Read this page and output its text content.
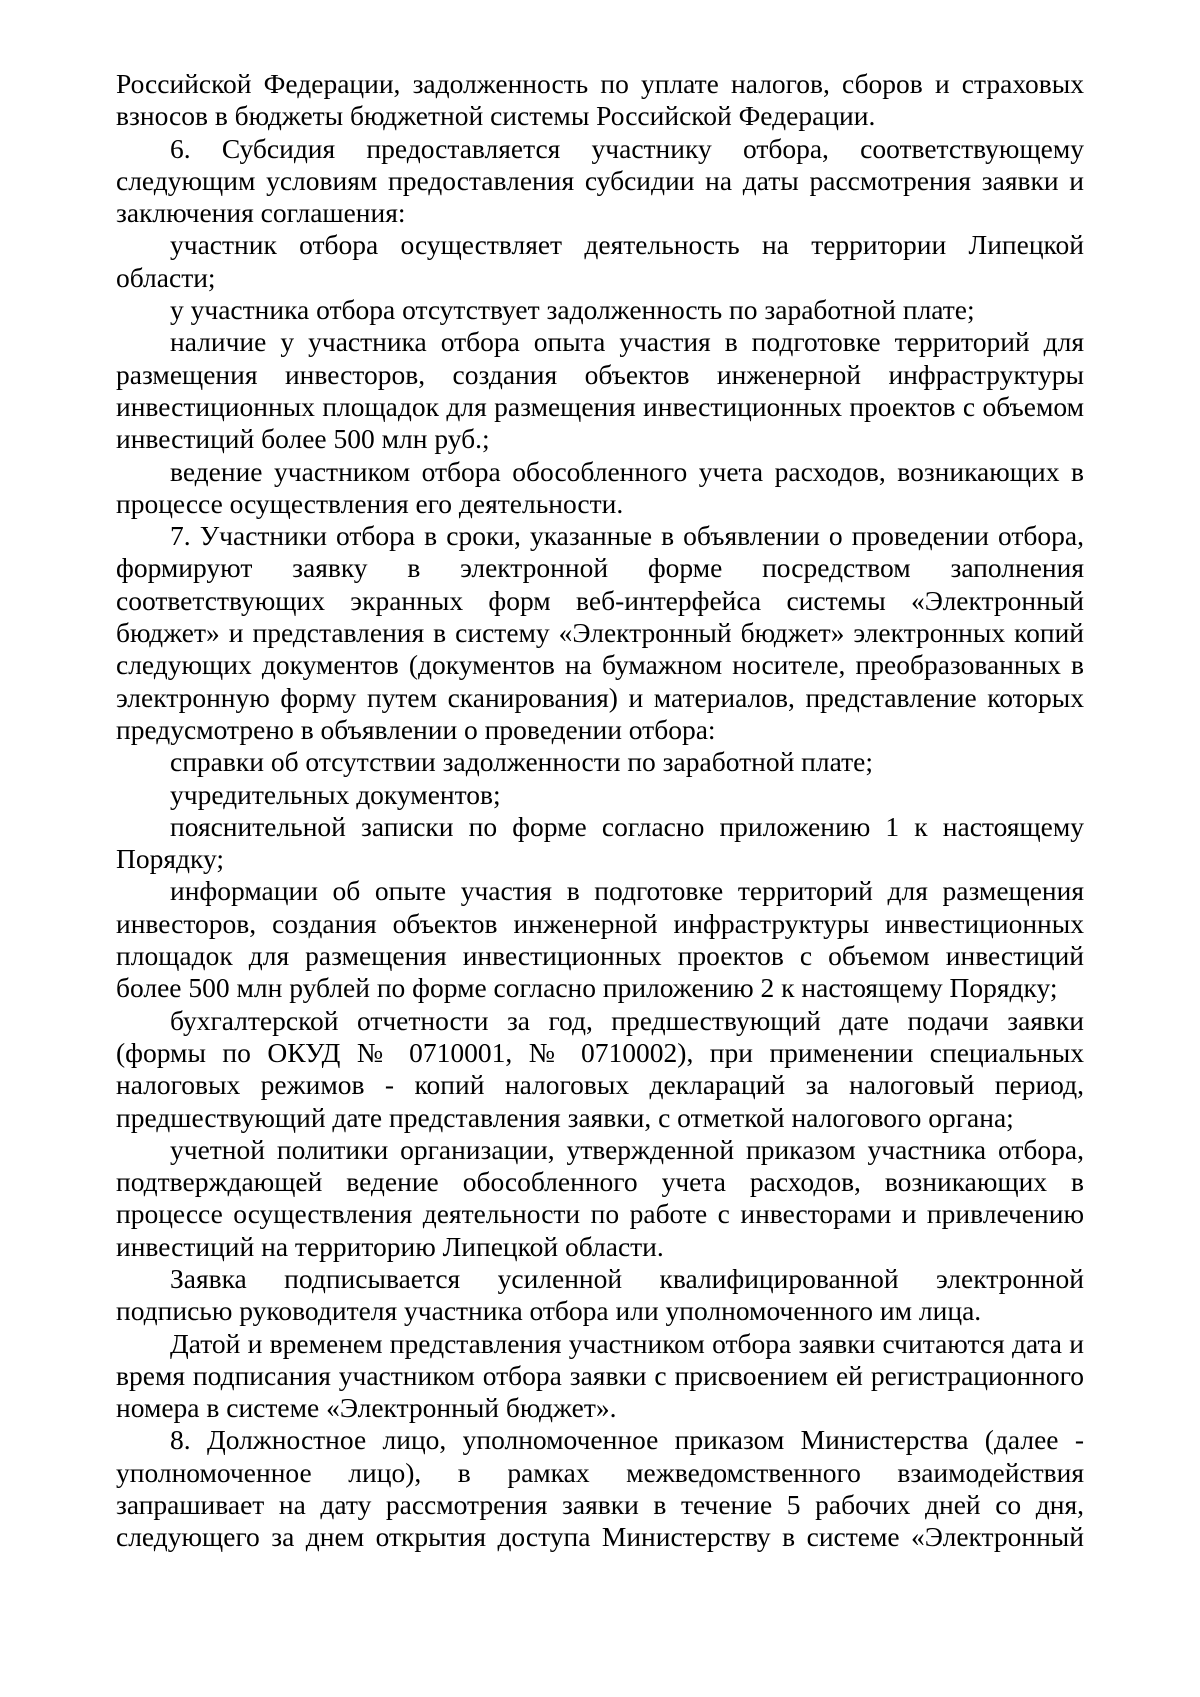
Российской Федерации, задолженность по уплате налогов, сборов и страховых взносов в бюджеты бюджетной системы Российской Федерации.

6. Субсидия предоставляется участнику отбора, соответствующему следующим условиям предоставления субсидии на даты рассмотрения заявки и заключения соглашения:

участник отбора осуществляет деятельность на территории Липецкой области;

у участника отбора отсутствует задолженность по заработной плате;

наличие у участника отбора опыта участия в подготовке территорий для размещения инвесторов, создания объектов инженерной инфраструктуры инвестиционных площадок для размещения инвестиционных проектов с объемом инвестиций более 500 млн руб.;

ведение участником отбора обособленного учета расходов, возникающих в процессе осуществления его деятельности.

7. Участники отбора в сроки, указанные в объявлении о проведении отбора, формируют заявку в электронной форме посредством заполнения соответствующих экранных форм веб-интерфейса системы «Электронный бюджет» и представления в систему «Электронный бюджет» электронных копий следующих документов (документов на бумажном носителе, преобразованных в электронную форму путем сканирования) и материалов, представление которых предусмотрено в объявлении о проведении отбора:

справки об отсутствии задолженности по заработной плате;

учредительных документов;

пояснительной записки по форме согласно приложению 1 к настоящему Порядку;

информации об опыте участия в подготовке территорий для размещения инвесторов, создания объектов инженерной инфраструктуры инвестиционных площадок для размещения инвестиционных проектов с объемом инвестиций более 500 млн рублей по форме согласно приложению 2 к настоящему Порядку;

бухгалтерской отчетности за год, предшествующий дате подачи заявки (формы по ОКУД № 0710001, № 0710002), при применении специальных налоговых режимов - копий налоговых деклараций за налоговый период, предшествующий дате представления заявки, с отметкой налогового органа;

учетной политики организации, утвержденной приказом участника отбора, подтверждающей ведение обособленного учета расходов, возникающих в процессе осуществления деятельности по работе с инвесторами и привлечению инвестиций на территорию Липецкой области.

Заявка подписывается усиленной квалифицированной электронной подписью руководителя участника отбора или уполномоченного им лица.

Датой и временем представления участником отбора заявки считаются дата и время подписания участником отбора заявки с присвоением ей регистрационного номера в системе «Электронный бюджет».

8. Должностное лицо, уполномоченное приказом Министерства (далее - уполномоченное лицо), в рамках межведомственного взаимодействия запрашивает на дату рассмотрения заявки в течение 5 рабочих дней со дня, следующего за днем открытия доступа Министерству в системе «Электронный
